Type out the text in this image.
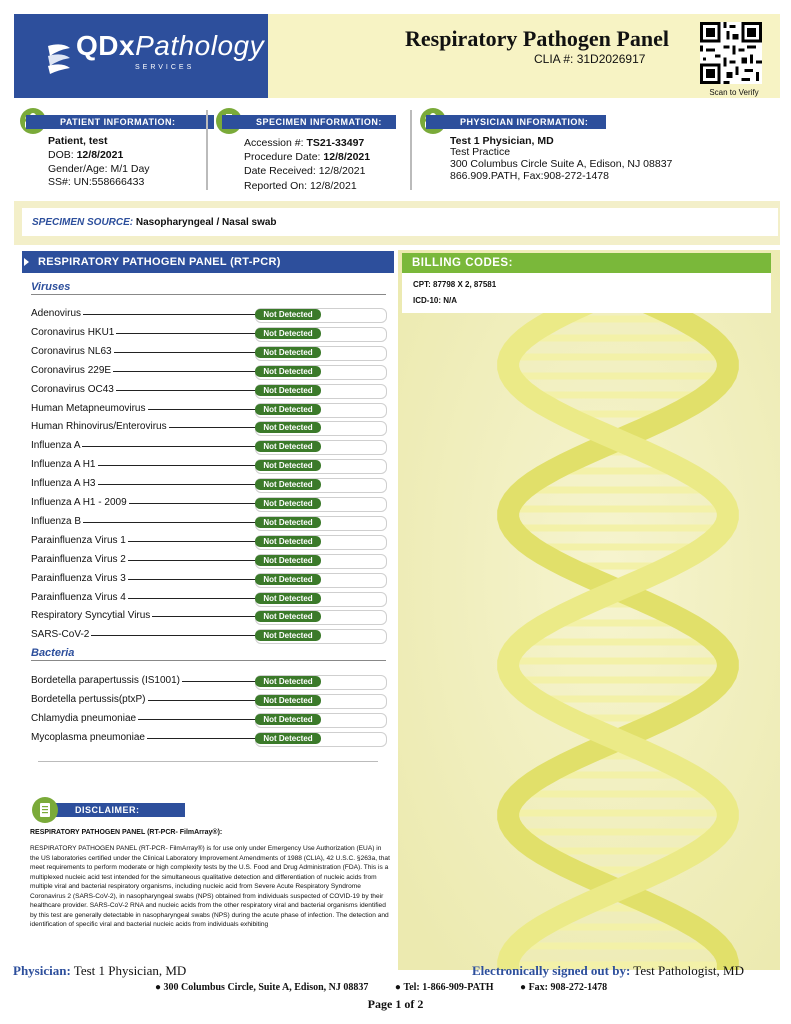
QDxPathology
SERVICES
Respiratory Pathogen Panel
CLIA #: 31D2026917
Scan to Verify
PATIENT INFORMATION:
Patient, test
DOB: 12/8/2021
Gender/Age: M/1 Day
SS#: UN:558666433
SPECIMEN INFORMATION:
Accession #: TS21-33497
Procedure Date: 12/8/2021
Date Received: 12/8/2021
Reported On: 12/8/2021
PHYSICIAN INFORMATION:
Test 1 Physician, MD
Test Practice
300 Columbus Circle Suite A, Edison, NJ 08837
866.909.PATH, Fax:908-272-1478
SPECIMEN SOURCE: Nasopharyngeal / Nasal swab
RESPIRATORY PATHOGEN PANEL (RT-PCR)
Viruses
Adenovirus	Not Detected
Coronavirus HKU1	Not Detected
Coronavirus NL63	Not Detected
Coronavirus 229E	Not Detected
Coronavirus OC43	Not Detected
Human Metapneumovirus	Not Detected
Human Rhinovirus/Enterovirus	Not Detected
Influenza A	Not Detected
Influenza A H1	Not Detected
Influenza A H3	Not Detected
Influenza A H1 - 2009	Not Detected
Influenza B	Not Detected
Parainfluenza Virus 1	Not Detected
Parainfluenza Virus 2	Not Detected
Parainfluenza Virus 3	Not Detected
Parainfluenza Virus 4	Not Detected
Respiratory Syncytial Virus	Not Detected
SARS-CoV-2	Not Detected
Bacteria
Bordetella parapertussis (IS1001)	Not Detected
Bordetella pertussis(ptxP)	Not Detected
Chlamydia pneumoniae	Not Detected
Mycoplasma pneumoniae	Not Detected
BILLING CODES:
CPT: 87798 X 2, 87581
ICD-10: N/A
DISCLAIMER:
RESPIRATORY PATHOGEN PANEL (RT-PCR- FilmArray®):
RESPIRATORY PATHOGEN PANEL (RT-PCR- FilmArray®) is for use only under Emergency Use Authorization (EUA) in the US laboratories certified under the Clinical Laboratory Improvement Amendments of 1988 (CLIA), 42 U.S.C. §263a, that meet requirements to perform moderate or high complexity tests by the U.S. Food and Drug Administration (FDA). This is a multiplexed nucleic acid test intended for the simultaneous qualitative detection and differentiation of nucleic acids from multiple viral and bacterial respiratory organisms, including nucleic acid from Severe Acute Respiratory Syndrome Coronavirus 2 (SARS-CoV-2), in nasopharyngeal swabs (NPS) obtained from individuals suspected of COVID-19 by their healthcare provider. SARS-CoV-2 RNA and nucleic acids from the other respiratory viral and bacterial organisms identified by this test are generally detectable in nasopharyngeal swabs (NPS) during the acute phase of infection. The detection and identification of specific viral and bacterial nucleic acids from individuals exhibiting
Physician: Test 1 Physician, MD	Electronically signed out by: Test Pathologist, MD
● 300 Columbus Circle, Suite A, Edison, NJ 08837	● Tel: 1-866-909-PATH	● Fax: 908-272-1478
Page 1 of 2
